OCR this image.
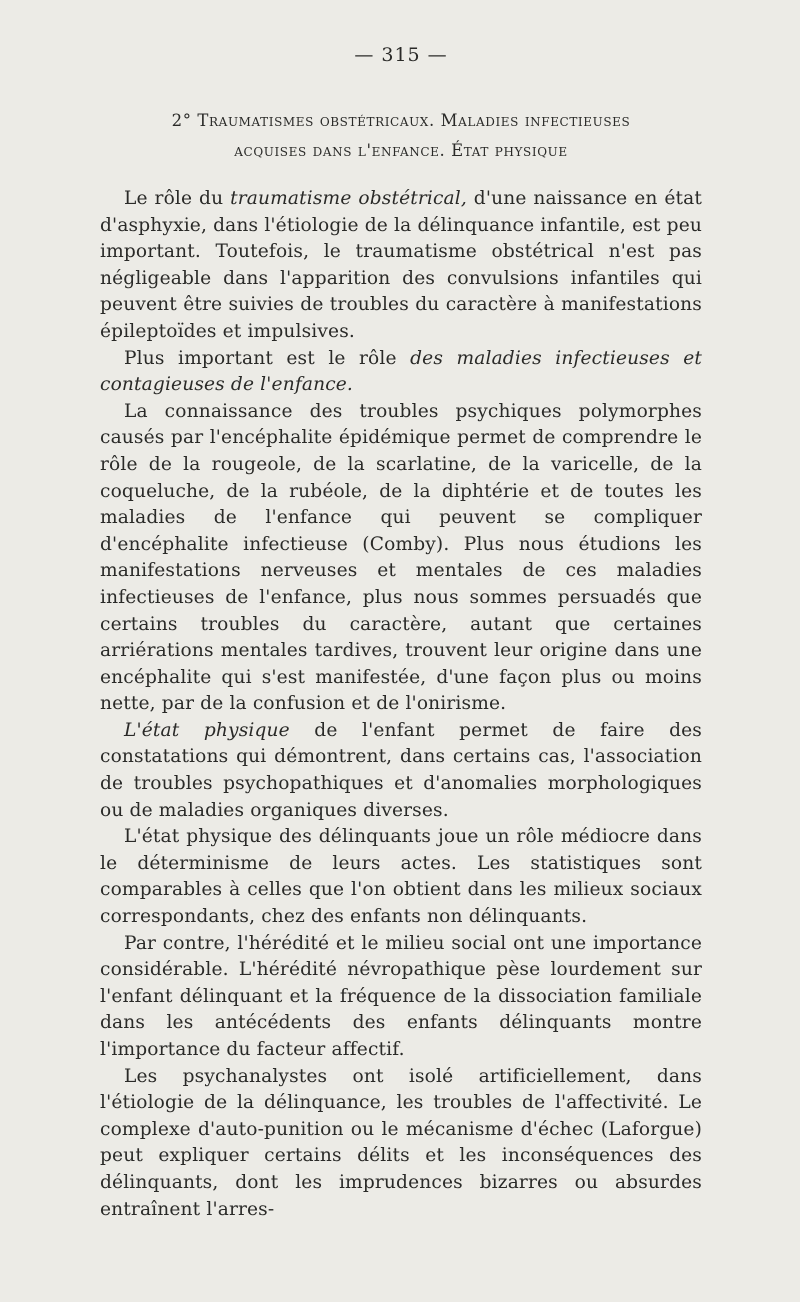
— 315 —
2° Traumatismes obstétricaux. Maladies infectieuses
acquises dans l'enfance. État physique

Le rôle du traumatisme obstétrical, d'une naissance en état d'asphyxie, dans l'étiologie de la délinquance infantile, est peu important. Toutefois, le traumatisme obstétrical n'est pas négligeable dans l'apparition des convulsions infantiles qui peuvent être suivies de troubles du caractère à manifestations épileptoïdes et impulsives.

Plus important est le rôle des maladies infectieuses et contagieuses de l'enfance.

La connaissance des troubles psychiques polymorphes causés par l'encéphalite épidémique permet de comprendre le rôle de la rougeole, de la scarlatine, de la varicelle, de la coqueluche, de la rubéole, de la diphtérie et de toutes les maladies de l'enfance qui peuvent se compliquer d'encéphalite infectieuse (Comby). Plus nous étudions les manifestations nerveuses et mentales de ces maladies infectieuses de l'enfance, plus nous sommes persuadés que certains troubles du caractère, autant que certaines arriérations mentales tardives, trouvent leur origine dans une encéphalite qui s'est manifestée, d'une façon plus ou moins nette, par de la confusion et de l'onirisme.

L'état physique de l'enfant permet de faire des constatations qui démontrent, dans certains cas, l'association de troubles psychopathiques et d'anomalies morphologiques ou de maladies organiques diverses.

L'état physique des délinquants joue un rôle médiocre dans le déterminisme de leurs actes. Les statistiques sont comparables à celles que l'on obtient dans les milieux sociaux correspondants, chez des enfants non délinquants.

Par contre, l'hérédité et le milieu social ont une importance considérable. L'hérédité névropathique pèse lourdement sur l'enfant délinquant et la fréquence de la dissociation familiale dans les antécédents des enfants délinquants montre l'importance du facteur affectif.

Les psychanalystes ont isolé artificiellement, dans l'étiologie de la délinquance, les troubles de l'affectivité. Le complexe d'auto-punition ou le mécanisme d'échec (Laforgue) peut expliquer certains délits et les inconséquences des délinquants, dont les imprudences bizarres ou absurdes entraînent l'arres-
